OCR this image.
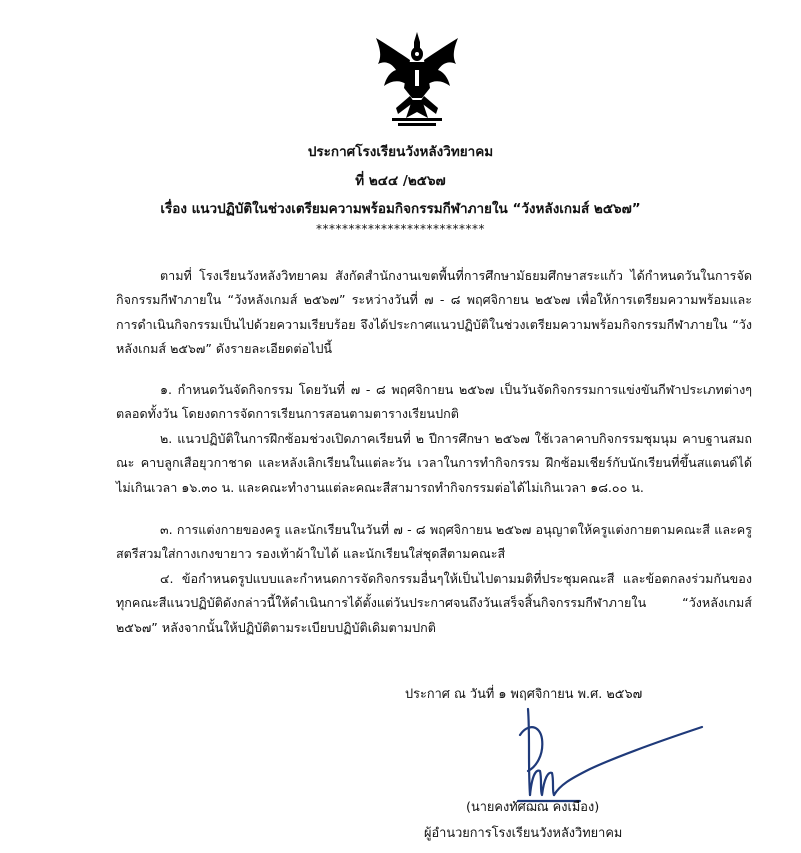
ประกาศโรงเรียนวังหลังวิทยาคม
ที่ ๒๔๔ /๒๕๖๗
เรื่อง แนวปฏิบัติในช่วงเตรียมความพร้อมกิจกรรมกีฬาภายใน “วังหลังเกมส์ ๒๕๖๗”
**************************
ตามที่ โรงเรียนวังหลังวิทยาคม สังกัดสำนักงานเขตพื้นที่การศึกษามัธยมศึกษาสระแก้ว ได้กำหนดวันในการจัดกิจกรรมกีฬาภายใน “วังหลังเกมส์ ๒๕๖๗” ระหว่างวันที่ ๗ - ๘ พฤศจิกายน ๒๕๖๗ เพื่อให้การเตรียมความพร้อมและการดำเนินกิจกรรมเป็นไปด้วยความเรียบร้อย จึงได้ประกาศแนวปฏิบัติในช่วงเตรียมความพร้อมกิจกรรมกีฬาภายใน “วังหลังเกมส์ ๒๕๖๗” ดังรายละเอียดต่อไปนี้
๑. กำหนดวันจัดกิจกรรม โดยวันที่ ๗ - ๘ พฤศจิกายน ๒๕๖๗ เป็นวันจัดกิจกรรมการแข่งขันกีฬาประเภทต่างๆ ตลอดทั้งวัน โดยงดการจัดการเรียนการสอนตามตารางเรียนปกติ
๒. แนวปฏิบัติในการฝึกซ้อมช่วงเปิดภาคเรียนที่ ๒ ปีการศึกษา ๒๕๖๗ ใช้เวลาคาบกิจกรรมชุมนุม คาบฐานสมถณะ คาบลูกเสือยุวกาชาด และหลังเลิกเรียนในแต่ละวัน เวลาในการทำกิจกรรม ฝึกซ้อมเชียร์กับนักเรียนที่ขึ้นสแตนด์ได้ไม่เกินเวลา ๑๖.๓๐ น. และคณะทำงานแต่ละคณะสีสามารถทำกิจกรรมต่อได้ไม่เกินเวลา ๑๘.๐๐ น.
๓. การแต่งกายของครู และนักเรียนในวันที่ ๗ - ๘ พฤศจิกายน ๒๕๖๗ อนุญาตให้ครูแต่งกายตามคณะสี และครูสตรีสวมใส่กางเกงขายาว รองเท้าผ้าใบได้ และนักเรียนใส่ชุดสีตามคณะสี
๔. ข้อกำหนดรูปแบบและกำหนดการจัดกิจกรรมอื่นๆให้เป็นไปตามมติที่ประชุมคณะสี และข้อตกลงร่วมกันของทุกคณะสีแนวปฏิบัติดังกล่าวนี้ให้ดำเนินการได้ตั้งแต่วันประกาศจนถึงวันเสร็จสิ้นกิจกรรมกีฬาภายใน “วังหลังเกมส์ ๒๕๖๗” หลังจากนั้นให้ปฏิบัติตามระเบียบปฏิบัติเดิมตามปกติ
ประกาศ ณ วันที่ ๑ พฤศจิกายน พ.ศ. ๒๕๖๗
(นายคงทัศฌณ คงเมือง)
ผู้อำนวยการโรงเรียนวังหลังวิทยาคม
